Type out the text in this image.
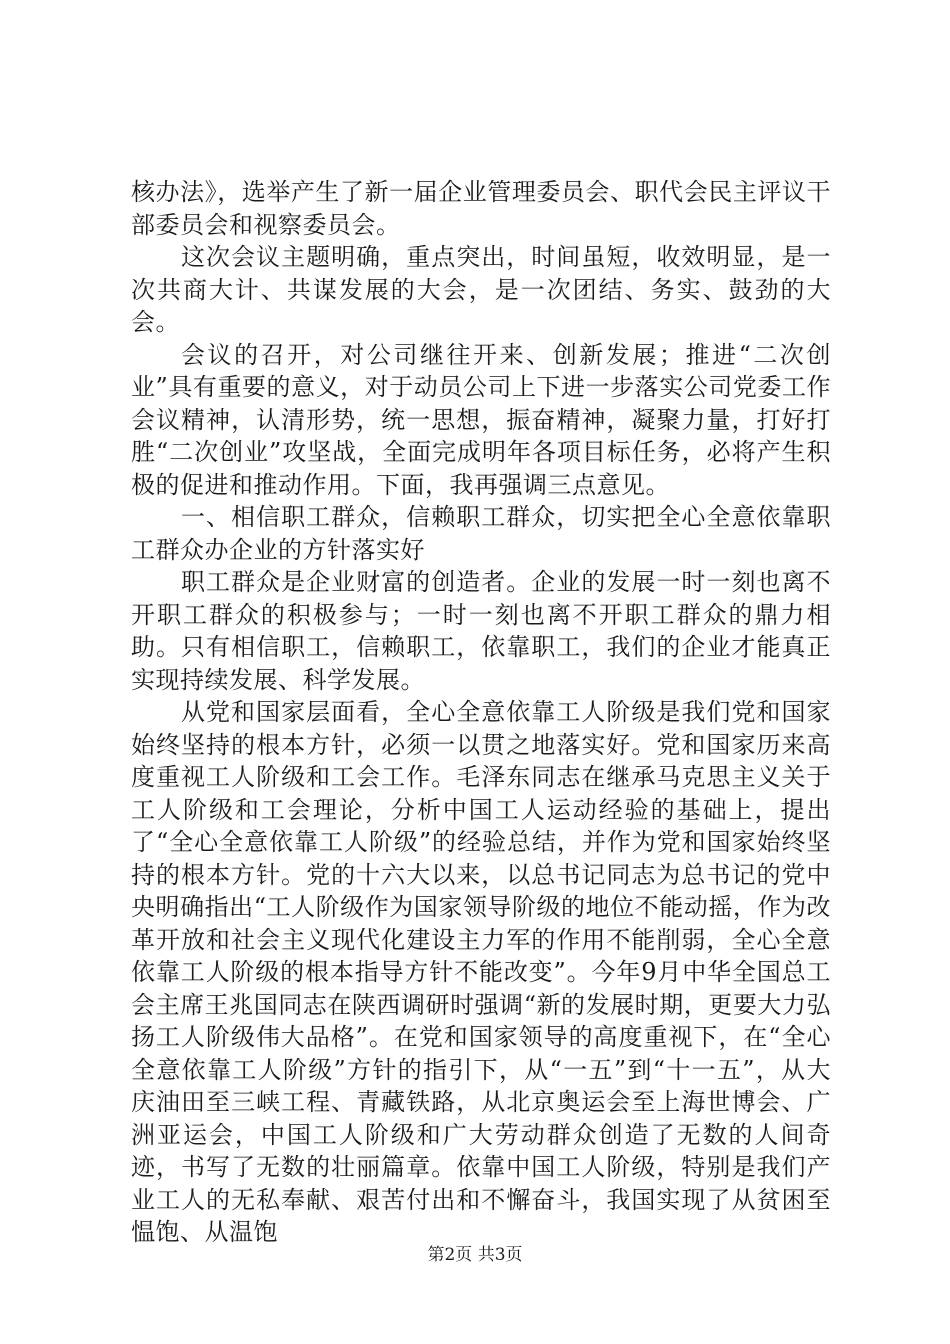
核办法》，选举产生了新一届企业管理委员会、职代会民主评议干部委员会和视察委员会。

这次会议主题明确，重点突出，时间虽短，收效明显，是一次共商大计、共谋发展的大会，是一次团结、务实、鼓劲的大会。

会议的召开，对公司继往开来、创新发展；推进“二次创业”具有重要的意义，对于动员公司上下进一步落实公司党委工作会议精神，认清形势，统一思想，振奋精神，凝聚力量，打好打胜“二次创业”攻坚战，全面完成明年各项目标任务，必将产生积极的促进和推动作用。下面，我再强调三点意见。

一、相信职工群众，信赖职工群众，切实把全心全意依靠职工群众办企业的方针落实好

职工群众是企业财富的创造者。企业的发展一时一刻也离不开职工群众的积极参与；一时一刻也离不开职工群众的鼎力相助。只有相信职工，信赖职工，依靠职工，我们的企业才能真正实现持续发展、科学发展。

从党和国家层面看，全心全意依靠工人阶级是我们党和国家始终坚持的根本方针，必须一以贯之地落实好。党和国家历来高度重视工人阶级和工会工作。毛泽东同志在继承马克思主义关于工人阶级和工会理论，分析中国工人运动经验的基础上，提出了“全心全意依靠工人阶级”的经验总结，并作为党和国家始终坚持的根本方针。党的十六大以来，以总书记同志为总书记的党中央明确指出“工人阶级作为国家领导阶级的地位不能动摇，作为改革开放和社会主义现代化建设主力军的作用不能削弱，全心全意依靠工人阶级的根本指导方针不能改变”。今年9月中华全国总工会主席王兆国同志在陕西调研时强调“新的发展时期，更要大力弘扬工人阶级伟大品格”。在党和国家领导的高度重视下，在“全心全意依靠工人阶级”方针的指引下，从“一五”到“十一五”，从大庆油田至三峡工程、青藏铁路，从北京奥运会至上海世博会、广洲亚运会，中国工人阶级和广大劳动群众创造了无数的人间奇迹，书写了无数的壮丽篇章。依靠中国工人阶级，特别是我们产业工人的无私奉献、艰苦付出和不懈奋斗，我国实现了从贫困至愠饱、从温饱

第2页 共3页
